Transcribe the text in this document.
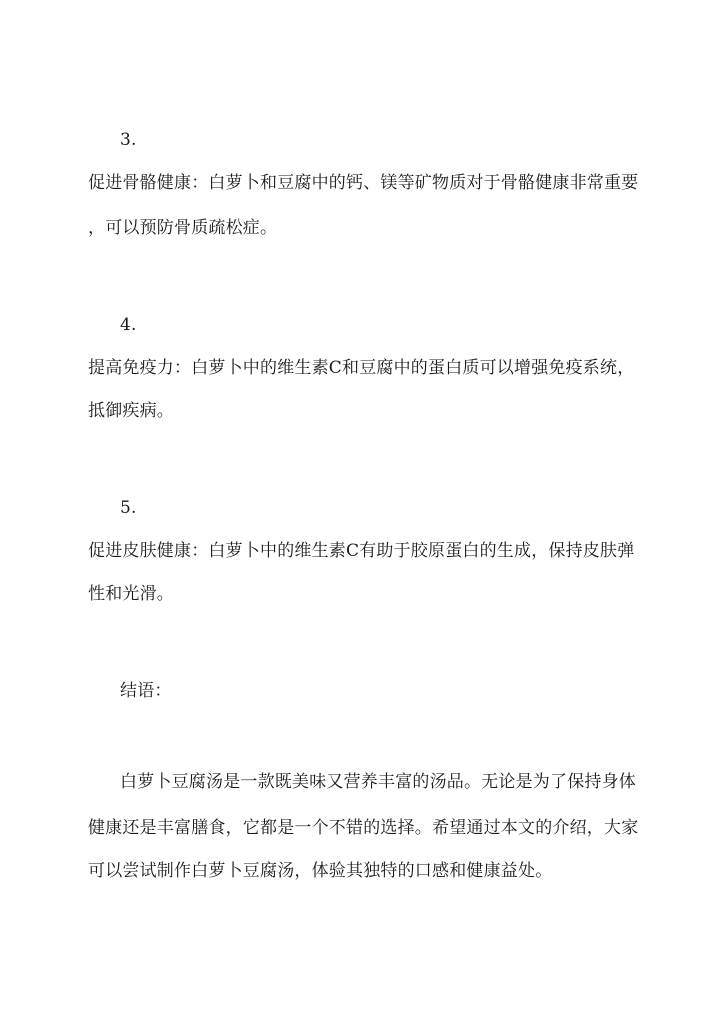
3.
促进骨骼健康：白萝卜和豆腐中的钙、镁等矿物质对于骨骼健康非常重要
，可以预防骨质疏松症。
4.
提高免疫力：白萝卜中的维生素C和豆腐中的蛋白质可以增强免疫系统，
抵御疾病。
5.
促进皮肤健康：白萝卜中的维生素C有助于胶原蛋白的生成，保持皮肤弹
性和光滑。
结语：
白萝卜豆腐汤是一款既美味又营养丰富的汤品。无论是为了保持身体
健康还是丰富膳食，它都是一个不错的选择。希望通过本文的介绍，大家
可以尝试制作白萝卜豆腐汤，体验其独特的口感和健康益处。
